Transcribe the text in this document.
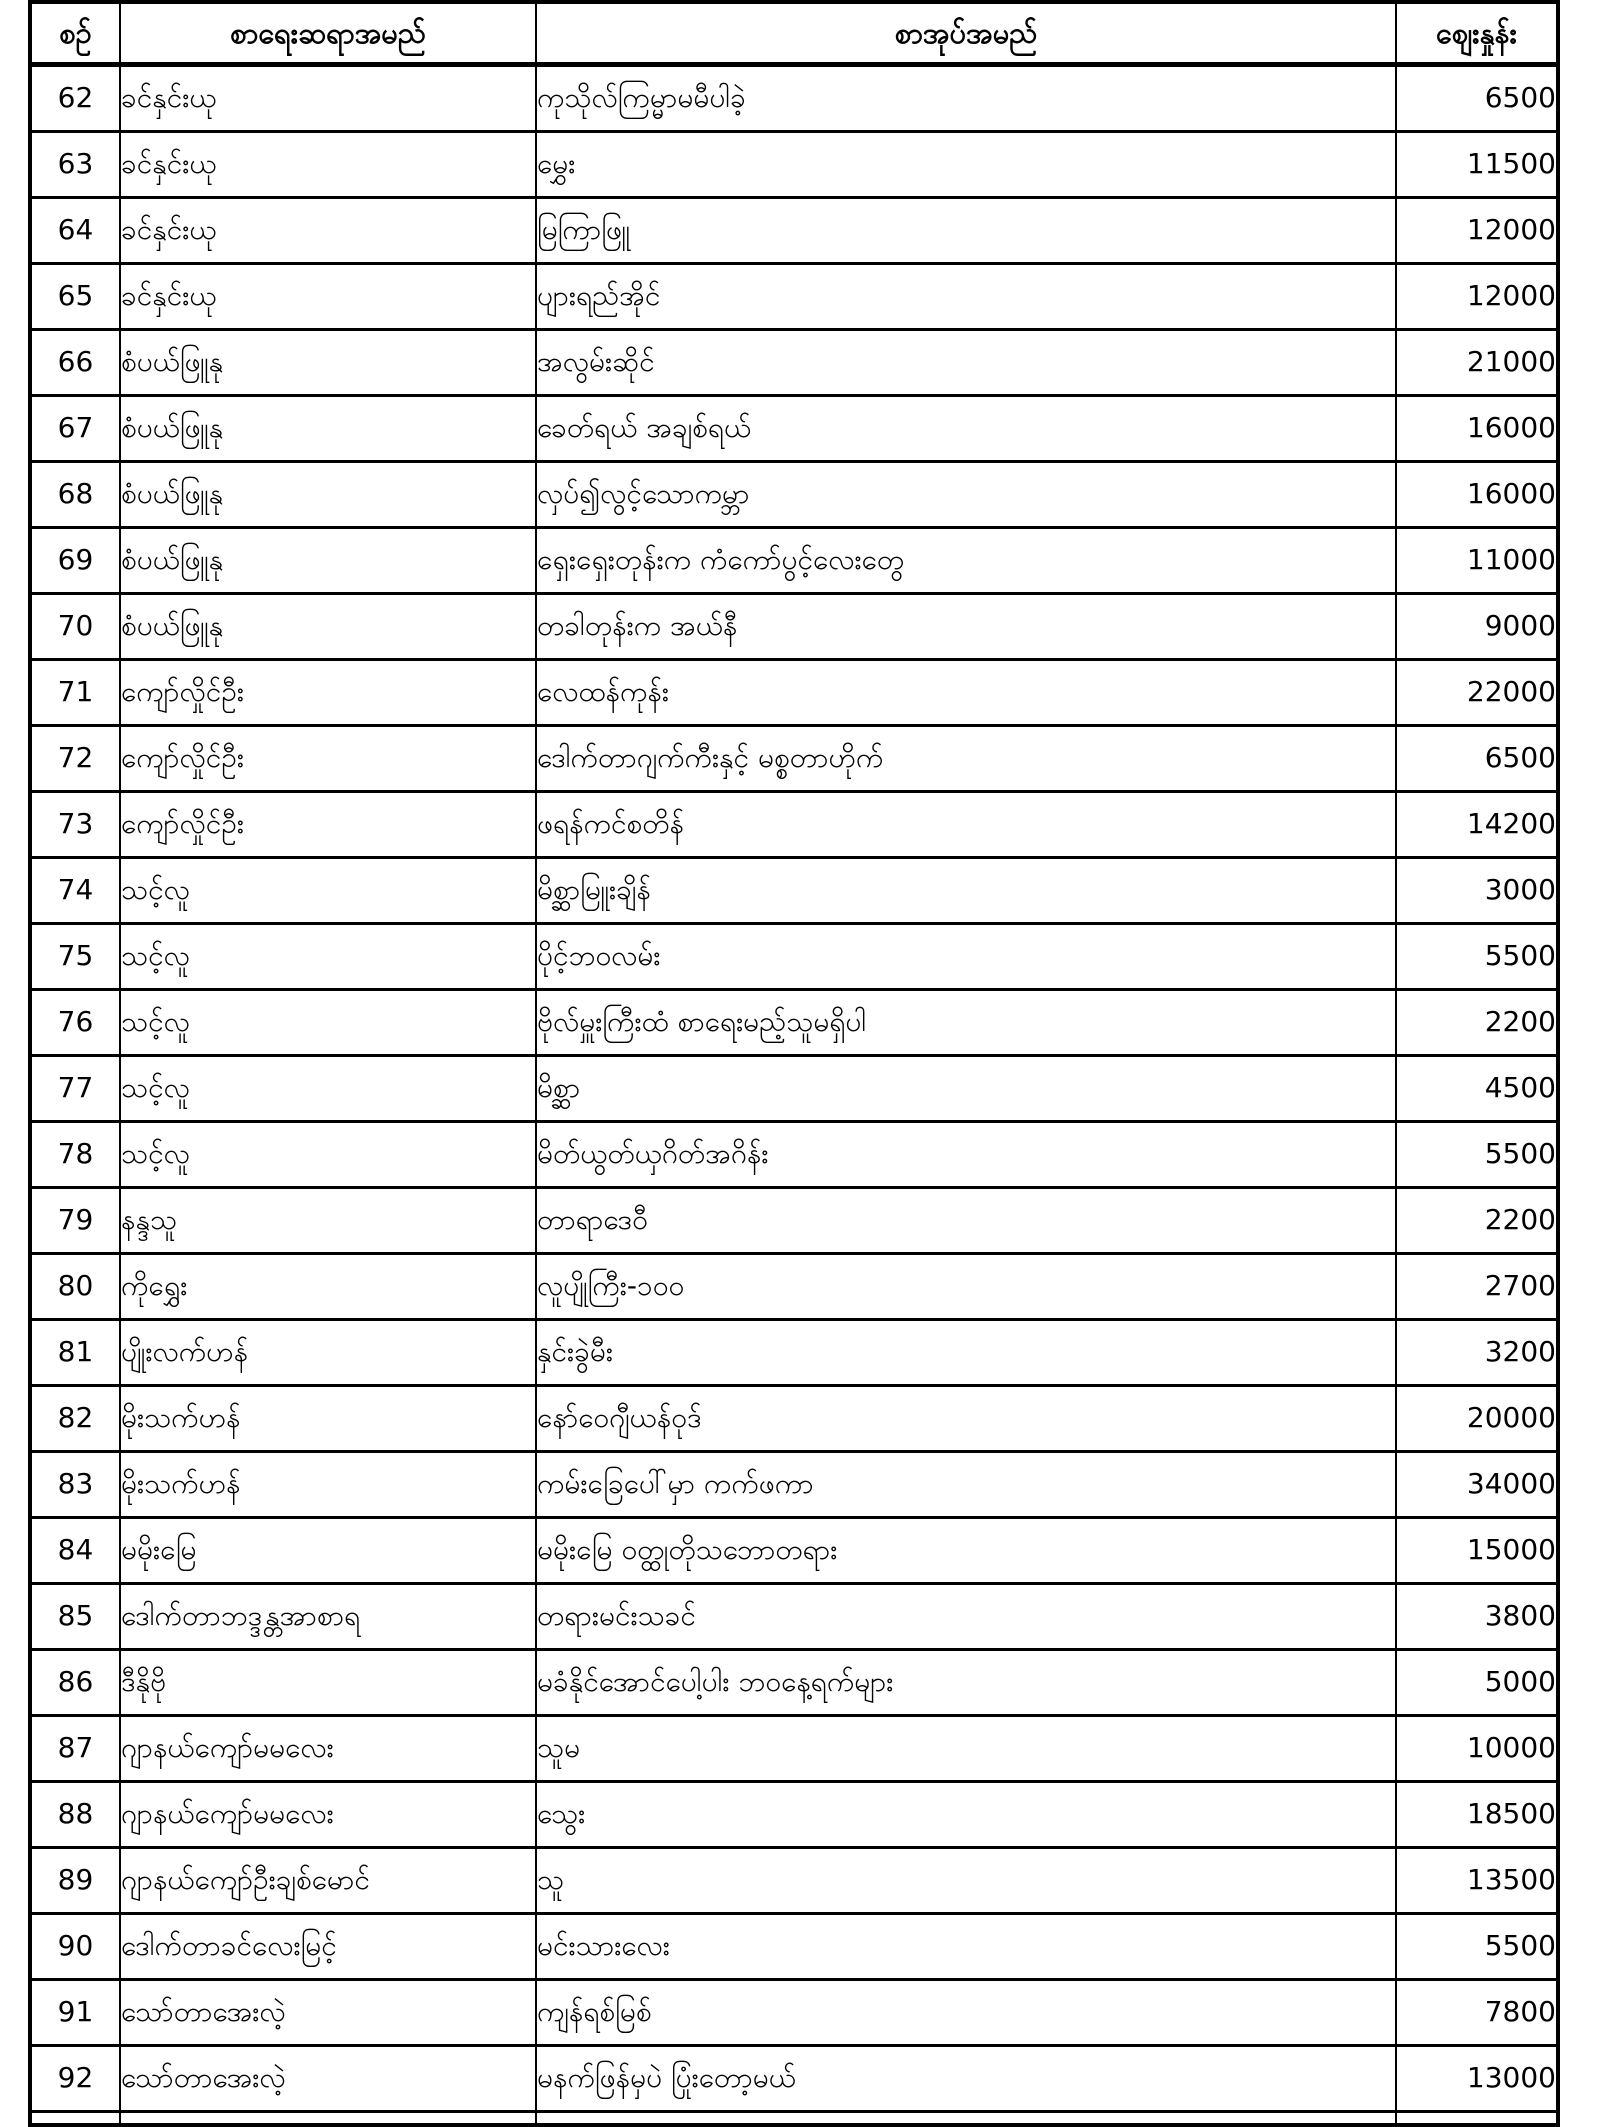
စဉ်	စာရေးဆရာအမည်	စာအုပ်အမည်	ဈေးနှုန်း
62	ခင်နှင်းယု	ကုသိုလ်ကြမ္မာမမီပါခဲ့	6500
63	ခင်နှင်းယု	မွှေး	11500
64	ခင်နှင်းယု	မြကြာဖြူ	12000
65	ခင်နှင်းယု	ပျားရည်အိုင်	12000
66	စံပယ်ဖြူနု	အလွမ်းဆိုင်	21000
67	စံပယ်ဖြူနု	ခေတ်ရယ် အချစ်ရယ်	16000
68	စံပယ်ဖြူနု	လှပ်၍လွင့်သောကမ္ဘာ	16000
69	စံပယ်ဖြူနု	ရှေးရှေးတုန်းက ကံကော်ပွင့်လေးတွေ	11000
70	စံပယ်ဖြူနု	တခါတုန်းက အယ်နီ	9000
71	ကျော်လှိုင်ဦး	လေထန်ကုန်း	22000
72	ကျော်လှိုင်ဦး	ဒေါက်တာဂျက်ကီးနှင့် မစ္စတာဟိုက်	6500
73	ကျော်လှိုင်ဦး	ဖရန်ကင်စတိန်	14200
74	သင့်လူ	မိစ္ဆာမြူးချိန်	3000
75	သင့်လူ	ပိုင့်ဘဝလမ်း	5500
76	သင့်လူ	ဗိုလ်မှူးကြီးထံ စာရေးမည့်သူမရှိပါ	2200
77	သင့်လူ	မိစ္ဆာ	4500
78	သင့်လူ	မိတ်ယွတ်ယှဂိတ်အဂိန်း	5500
79	နန္ဒသူ	တာရာဒေဝီ	2200
80	ကိုရွှေး	လူပျိုကြီး-၁၀၀	2700
81	ပျိုးလက်ဟန်	နှင်းခွဲမီး	3200
82	မိုးသက်ဟန်	နော်ဝေဂျီယန်ဝုဒ်	20000
83	မိုးသက်ဟန်	ကမ်းခြေပေါ်မှာ ကက်ဖကာ	34000
84	မမိုးမြေ	မမိုးမြေ ဝတ္ထုတိုသဘောတရား	15000
85	ဒေါက်တာဘဒ္ဒန္တအာစာရ	တရားမင်းသခင်	3800
86	ဒီနိုဗို	မခံနိုင်အောင်ပေါ့ပါး ဘဝနေ့ရက်များ	5000
87	ဂျာနယ်ကျော်မမလေး	သူမ	10000
88	ဂျာနယ်ကျော်မမလေး	သွေး	18500
89	ဂျာနယ်ကျော်ဦးချစ်မောင်	သူ	13500
90	ဒေါက်တာခင်လေးမြင့်	မင်းသားလေး	5500
91	သော်တာအေးလဲ့	ကျန်ရစ်မြစ်	7800
92	သော်တာအေးလဲ့	မနက်ဖြန်မှပဲ ပြုံးတော့မယ်	13000
